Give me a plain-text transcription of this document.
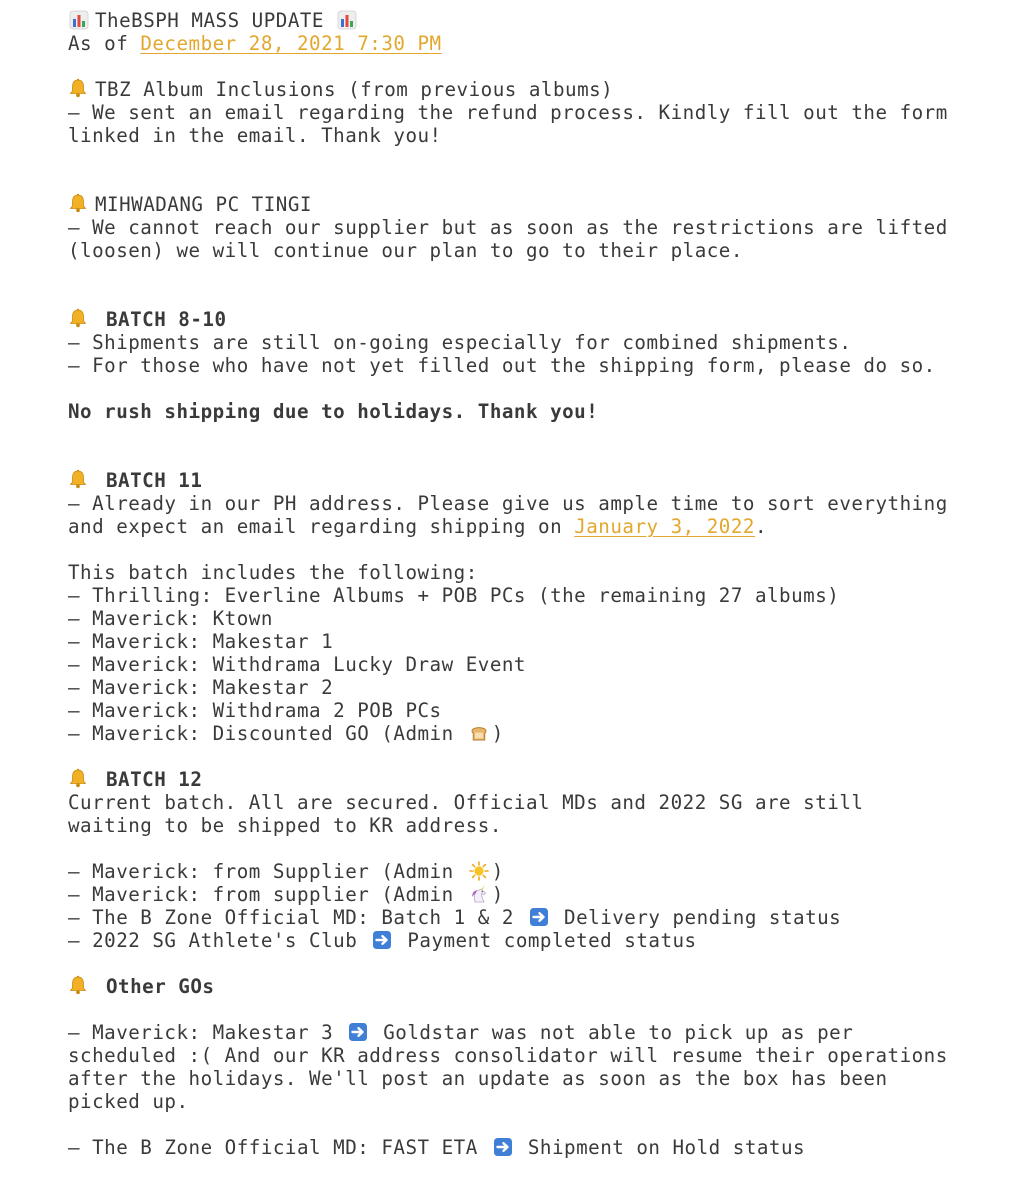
TheBSPH MASS UPDATE
As of December 28, 2021 7:30 PM
TBZ Album Inclusions (from previous albums)
— We sent an email regarding the refund process. Kindly fill out the form
linked in the email. Thank you!
MIHWADANG PC TINGI
— We cannot reach our supplier but as soon as the restrictions are lifted
(loosen) we will continue our plan to go to their place.
BATCH 8-10
— Shipments are still on-going especially for combined shipments.
— For those who have not yet filled out the shipping form, please do so.
No rush shipping due to holidays. Thank you!
BATCH 11
— Already in our PH address. Please give us ample time to sort everything
and expect an email regarding shipping on January 3, 2022.
This batch includes the following:
— Thrilling: Everline Albums + POB PCs (the remaining 27 albums)
— Maverick: Ktown
— Maverick: Makestar 1
— Maverick: Withdrama Lucky Draw Event
— Maverick: Makestar 2
— Maverick: Withdrama 2 POB PCs
— Maverick: Discounted GO (Admin )
BATCH 12
Current batch. All are secured. Official MDs and 2022 SG are still
waiting to be shipped to KR address.
— Maverick: from Supplier (Admin )
— Maverick: from supplier (Admin )
— The B Zone Official MD: Batch 1 & 2  Delivery pending status
— 2022 SG Athlete's Club  Payment completed status
Other GOs
— Maverick: Makestar 3  Goldstar was not able to pick up as per
scheduled :( And our KR address consolidator will resume their operations
after the holidays. We'll post an update as soon as the box has been
picked up.
— The B Zone Official MD: FAST ETA  Shipment on Hold status
